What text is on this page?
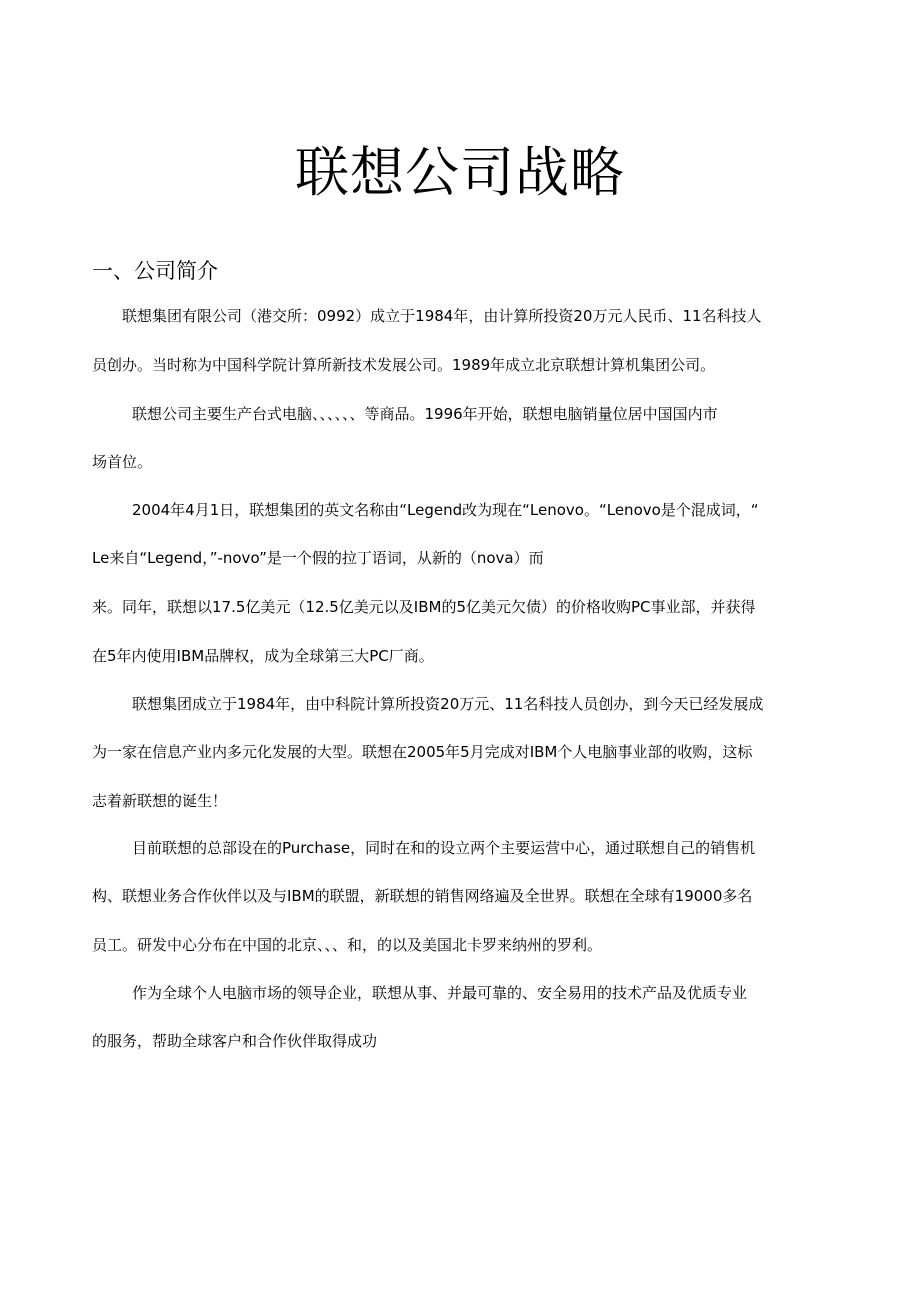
联想公司战略
一、公司简介

联想集团有限公司（港交所：0992）成立于1984年，由计算所投资20万元人民币、11名科技人

员创办。当时称为中国科学院计算所新技术发展公司。1989年成立北京联想计算机集团公司。

联想公司主要生产台式电脑、、、、、、等商品。1996年开始，联想电脑销量位居中国国内市

场首位。

2004年4月1日，联想集团的英文名称由“Legend改为现在“Lenovo。“Lenovo是个混成词，“

Le来自“Legend，”-novo”是一个假的拉丁语词，从新的（nova）而

来。同年，联想以17.5亿美元（12.5亿美元以及IBM的5亿美元欠债）的价格收购PC事业部，并获得

在5年内使用IBM品牌权，成为全球第三大PC厂商。

联想集团成立于1984年，由中科院计算所投资20万元、11名科技人员创办，到今天已经发展成

为一家在信息产业内多元化发展的大型。联想在2005年5月完成对IBM个人电脑事业部的收购，这标

志着新联想的诞生！

目前联想的总部设在的Purchase，同时在和的设立两个主要运营中心，通过联想自己的销售机

构、联想业务合作伙伴以及与IBM的联盟，新联想的销售网络遍及全世界。联想在全球有19000多名

员工。研发中心分布在中国的北京、、、和，的以及美国北卡罗来纳州的罗利。

作为全球个人电脑市场的领导企业，联想从事、并最可靠的、安全易用的技术产品及优质专业

的服务，帮助全球客户和合作伙伴取得成功
